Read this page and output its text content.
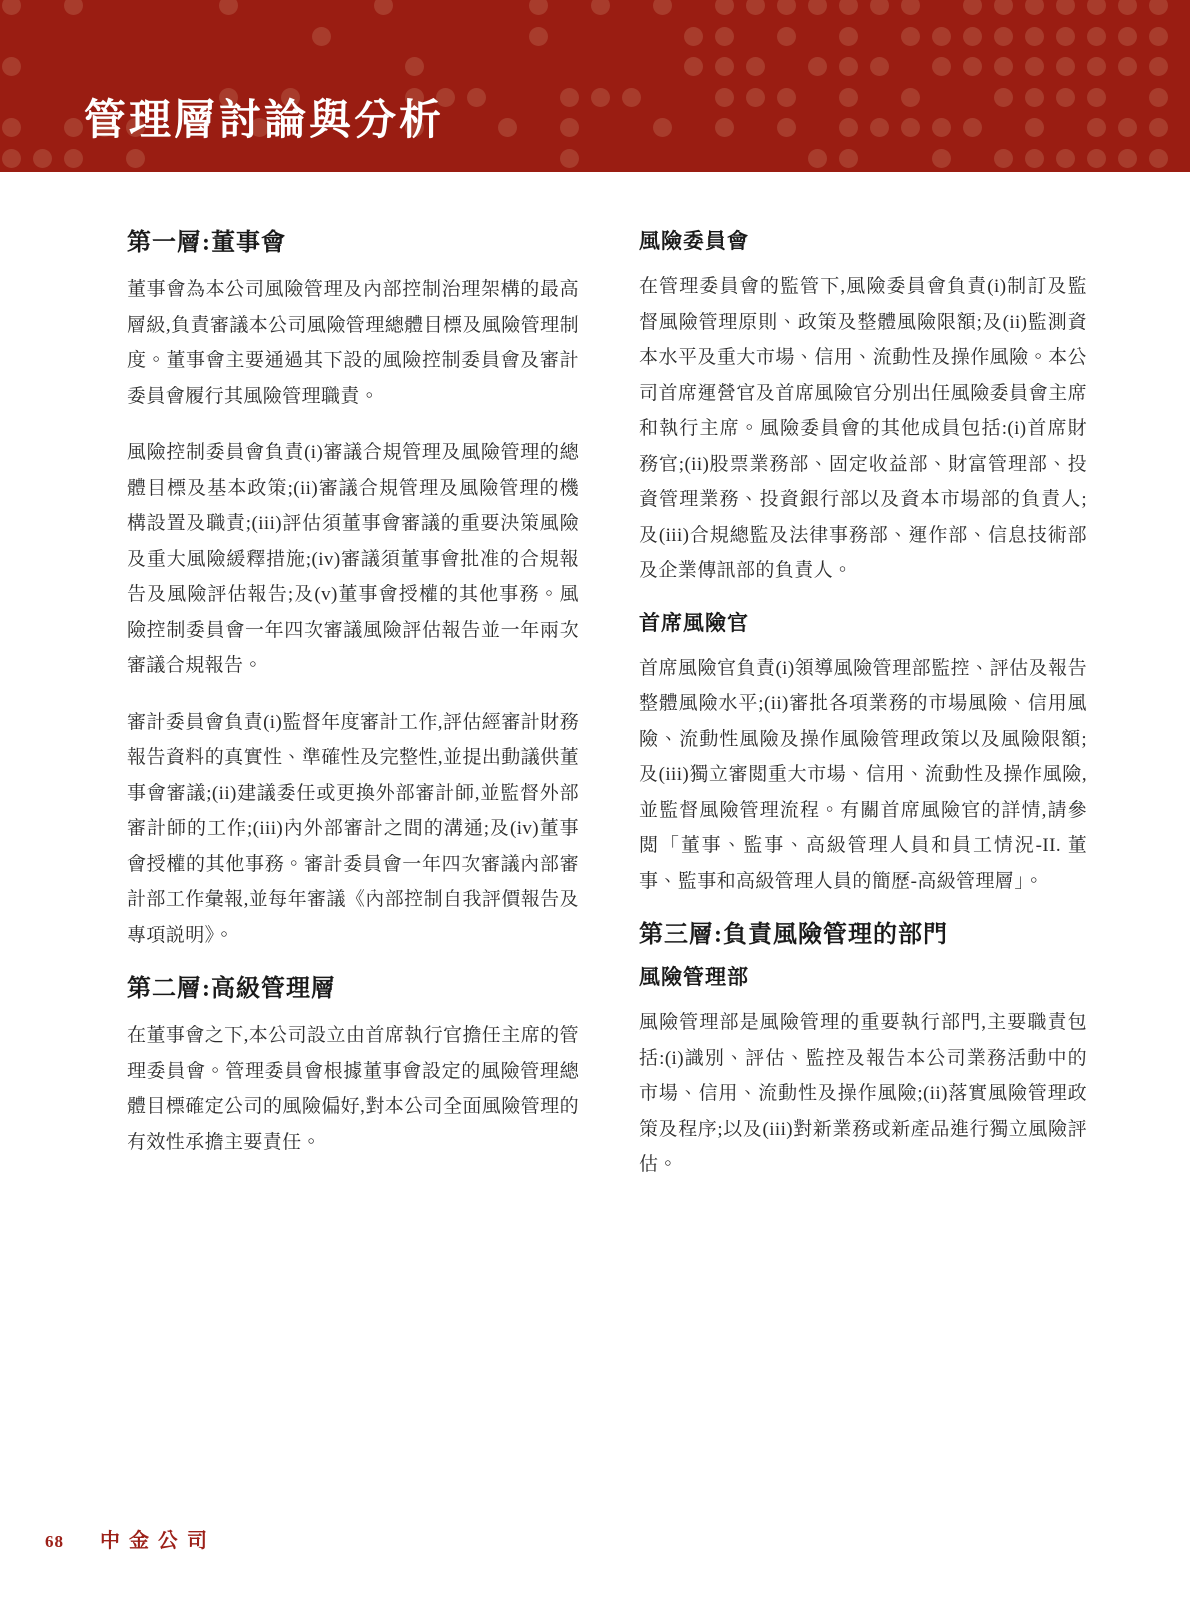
管理層討論與分析
第一層:董事會

董事會為本公司風險管理及內部控制治理架構的最高層級,負責審議本公司風險管理總體目標及風險管理制度。董事會主要通過其下設的風險控制委員會及審計委員會履行其風險管理職責。

風險控制委員會負責(i)審議合規管理及風險管理的總體目標及基本政策;(ii)審議合規管理及風險管理的機構設置及職責;(iii)評估須董事會審議的重要決策風險及重大風險緩釋措施;(iv)審議須董事會批准的合規報告及風險評估報告;及(v)董事會授權的其他事務。風險控制委員會一年四次審議風險評估報告並一年兩次審議合規報告。

審計委員會負責(i)監督年度審計工作,評估經審計財務報告資料的真實性、準確性及完整性,並提出動議供董事會審議;(ii)建議委任或更換外部審計師,並監督外部審計師的工作;(iii)內外部審計之間的溝通;及(iv)董事會授權的其他事務。審計委員會一年四次審議內部審計部工作彙報,並每年審議《內部控制自我評價報告及專項説明》。

第二層:高級管理層

在董事會之下,本公司設立由首席執行官擔任主席的管理委員會。管理委員會根據董事會設定的風險管理總體目標確定公司的風險偏好,對本公司全面風險管理的有效性承擔主要責任。

風險委員會

在管理委員會的監管下,風險委員會負責(i)制訂及監督風險管理原則、政策及整體風險限額;及(ii)監測資本水平及重大市場、信用、流動性及操作風險。本公司首席運營官及首席風險官分別出任風險委員會主席和執行主席。風險委員會的其他成員包括:(i)首席財務官;(ii)股票業務部、固定收益部、財富管理部、投資管理業務、投資銀行部以及資本市場部的負責人;及(iii)合規總監及法律事務部、運作部、信息技術部及企業傳訊部的負責人。

首席風險官

首席風險官負責(i)領導風險管理部監控、評估及報告整體風險水平;(ii)審批各項業務的市場風險、信用風險、流動性風險及操作風險管理政策以及風險限額;及(iii)獨立審閲重大市場、信用、流動性及操作風險,並監督風險管理流程。有關首席風險官的詳情,請參閲「董事、監事、高級管理人員和員工情況-II. 董事、監事和高級管理人員的簡歷-高級管理層」。

第三層:負責風險管理的部門
風險管理部

風險管理部是風險管理的重要執行部門,主要職責包括:(i)識別、評估、監控及報告本公司業務活動中的市場、信用、流動性及操作風險;(ii)落實風險管理政策及程序;以及(iii)對新業務或新產品進行獨立風險評估。

68 中金公司
